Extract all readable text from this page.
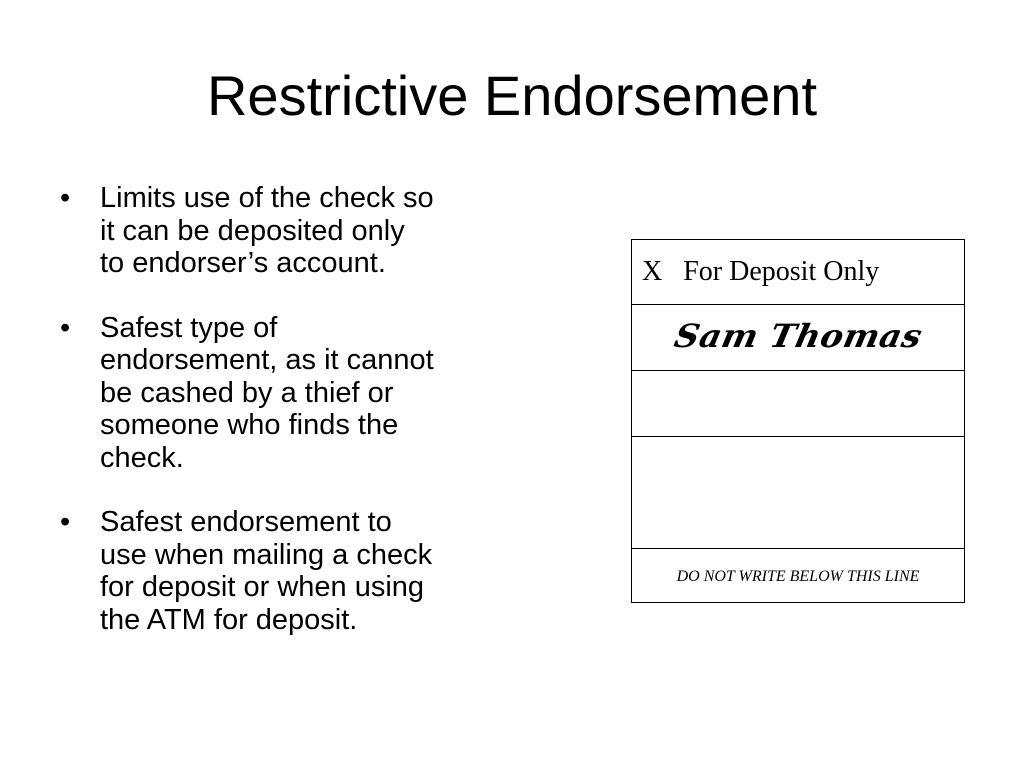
Restrictive Endorsement
• Limits use of the check so
it can be deposited only
to endorser’s account.
• Safest type of
endorsement, as it cannot
be cashed by a thief or
someone who finds the
check.
• Safest endorsement to
use when mailing a check
for deposit or when using
the ATM for deposit.
X   For Deposit Only
Sam Thomas
DO NOT WRITE BELOW THIS LINE
